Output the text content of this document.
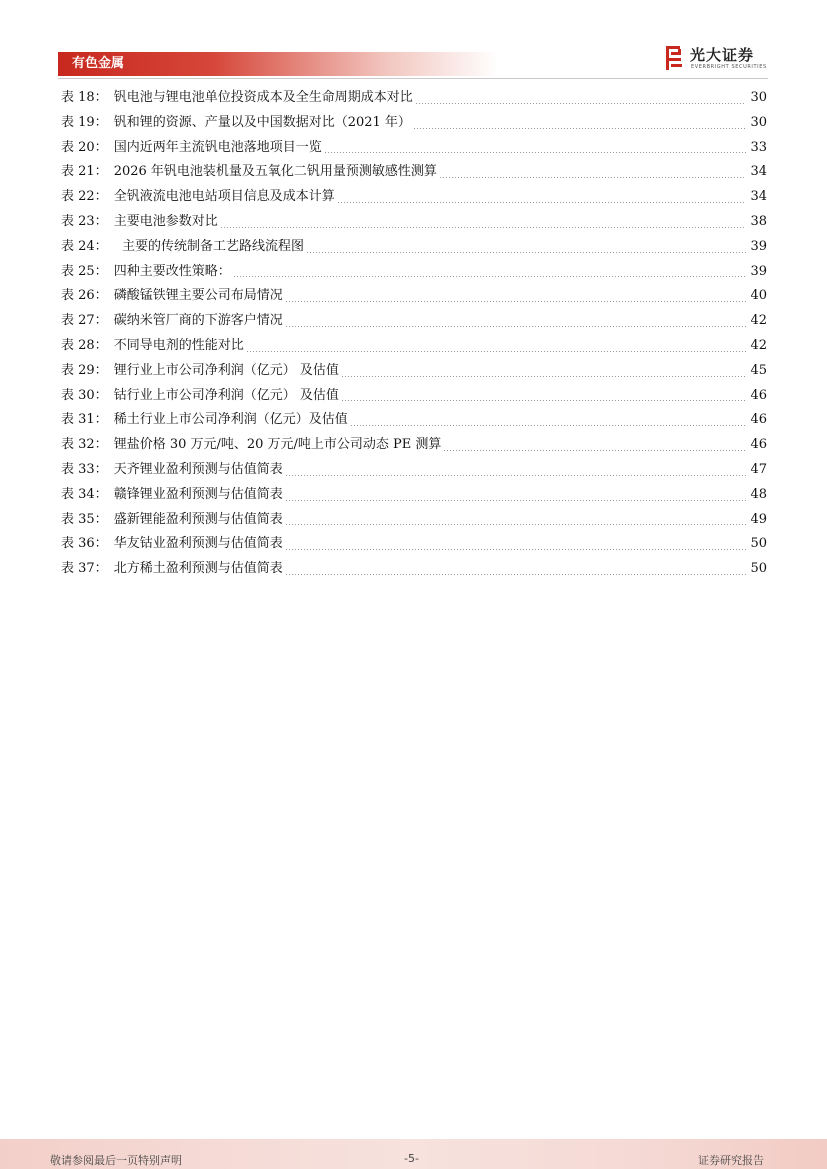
有色金属	光大证券
EVERBRIGHT SECURITIES
表 18： 钒电池与锂电池单位投资成本及全生命周期成本对比	30
表 19： 钒和锂的资源、产量以及中国数据对比（2021 年）	30
表 20： 国内近两年主流钒电池落地项目一览	33
表 21： 2026 年钒电池装机量及五氧化二钒用量预测敏感性测算	34
表 22： 全钒液流电池电站项目信息及成本计算	34
表 23： 主要电池参数对比	38
表 24： 主要的传统制备工艺路线流程图	39
表 25： 四种主要改性策略：	39
表 26： 磷酸锰铁锂主要公司布局情况	40
表 27： 碳纳米管厂商的下游客户情况	42
表 28： 不同导电剂的性能对比	42
表 29： 锂行业上市公司净利润（亿元） 及估值	45
表 30： 钴行业上市公司净利润（亿元） 及估值	46
表 31： 稀土行业上市公司净利润（亿元）及估值	46
表 32： 锂盐价格 30 万元/吨、20 万元/吨上市公司动态 PE 测算	46
表 33： 天齐锂业盈利预测与估值简表	47
表 34： 赣锋锂业盈利预测与估值简表	48
表 35： 盛新锂能盈利预测与估值简表	49
表 36： 华友钴业盈利预测与估值简表	50
表 37： 北方稀土盈利预测与估值简表	50
敬请参阅最后一页特别声明	-5-	证券研究报告
